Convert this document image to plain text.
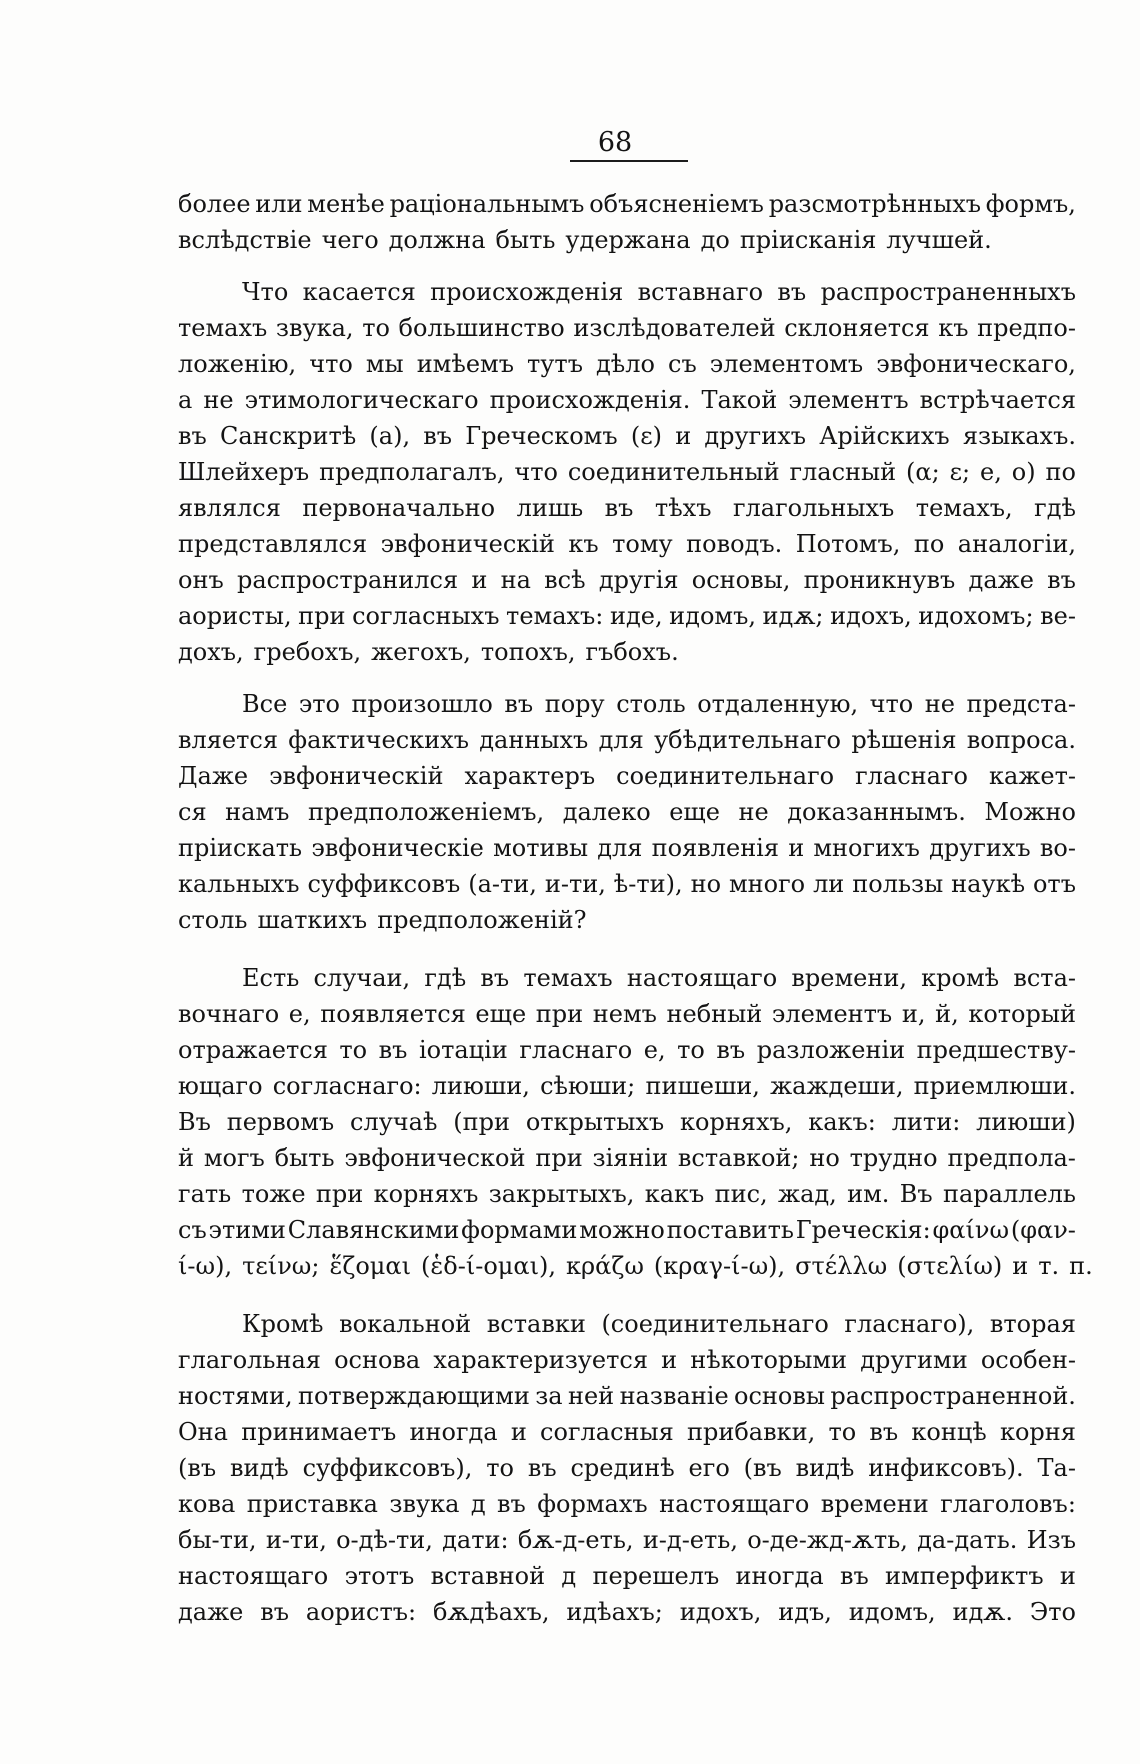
68
более или менѣе раціональнымъ объясненіемъ разсмотрѣнныхъ формъ,
вслѣдствіе чего должна быть удержана до пріисканія лучшей.
Что касается происхожденія вставнаго въ распространенныхъ
темахъ звука, то большинство изслѣдователей склоняется къ предпо-
ложенію, что мы имѣемъ тутъ дѣло съ элементомъ эвфоническаго,
а не этимологическаго происхожденія. Такой элементъ встрѣчается
въ Санскритѣ (а), въ Греческомъ (ε) и другихъ Арійскихъ языкахъ.
Шлейхеръ предполагалъ, что соединительный гласный (α; ε; е, о) по
являлся первоначально лишь въ тѣхъ глагольныхъ темахъ, гдѣ
представлялся эвфоническій къ тому поводъ. Потомъ, по аналогіи,
онъ распространился и на всѣ другія основы, проникнувъ даже въ
аористы, при согласныхъ темахъ: иде, идомъ, идѫ; идохъ, идохомъ; ве-
дохъ, гребохъ, жегохъ, топохъ, гъбохъ.
Все это произошло въ пору столь отдаленную, что не предста-
вляется фактическихъ данныхъ для убѣдительнаго рѣшенія вопроса.
Даже эвфоническій характеръ соединительнаго гласнаго кажет-
ся намъ предположеніемъ, далеко еще не доказаннымъ. Можно
пріискать эвфоническіе мотивы для появленія и многихъ другихъ во-
кальныхъ суффиксовъ (а-ти, и-ти, ѣ-ти), но много ли пользы наукѣ отъ
столь шаткихъ предположеній?
Есть случаи, гдѣ въ темахъ настоящаго времени, кромѣ вста-
вочнаго е, появляется еще при немъ небный элементъ и, й, который
отражается то въ іотаціи гласнаго е, то въ разложеніи предшеству-
ющаго согласнаго: лиюши, сѣюши; пишеши, жаждеши, приемлюши.
Въ первомъ случаѣ (при открытыхъ корняхъ, какъ: лити: лиюши)
й могъ быть эвфонической при зіяніи вставкой; но трудно предпола-
гать тоже при корняхъ закрытыхъ, какъ пис, жад, им. Въ параллель
съ этими Славянскими формами можно поставить Греческія: φαίνω (φαν-
ί-ω), τείνω; ἕζομαι (ἑδ-ί-ομαι), κράζω (κραγ-ί-ω), στέλλω (στελίω) и т. п.
Кромѣ вокальной вставки (соединительнаго гласнаго), вторая
глагольная основа характеризуется и нѣкоторыми другими особен-
ностями, потверждающими за ней названіе основы распространенной.
Она принимаетъ иногда и согласныя прибавки, то въ концѣ корня
(въ видѣ суффиксовъ), то въ срединѣ его (въ видѣ инфиксовъ). Та-
кова приставка звука д въ формахъ настоящаго времени глаголовъ:
бы-ти, и-ти, о-дѣ-ти, дати: бѫ-д-еть, и-д-еть, о-де-жд-ѫть, да-дать. Изъ
настоящаго этотъ вставной д перешелъ иногда въ имперфиктъ и
даже въ аористъ: бѫдѣахъ, идѣахъ; идохъ, идъ, идомъ, идѫ. Это
